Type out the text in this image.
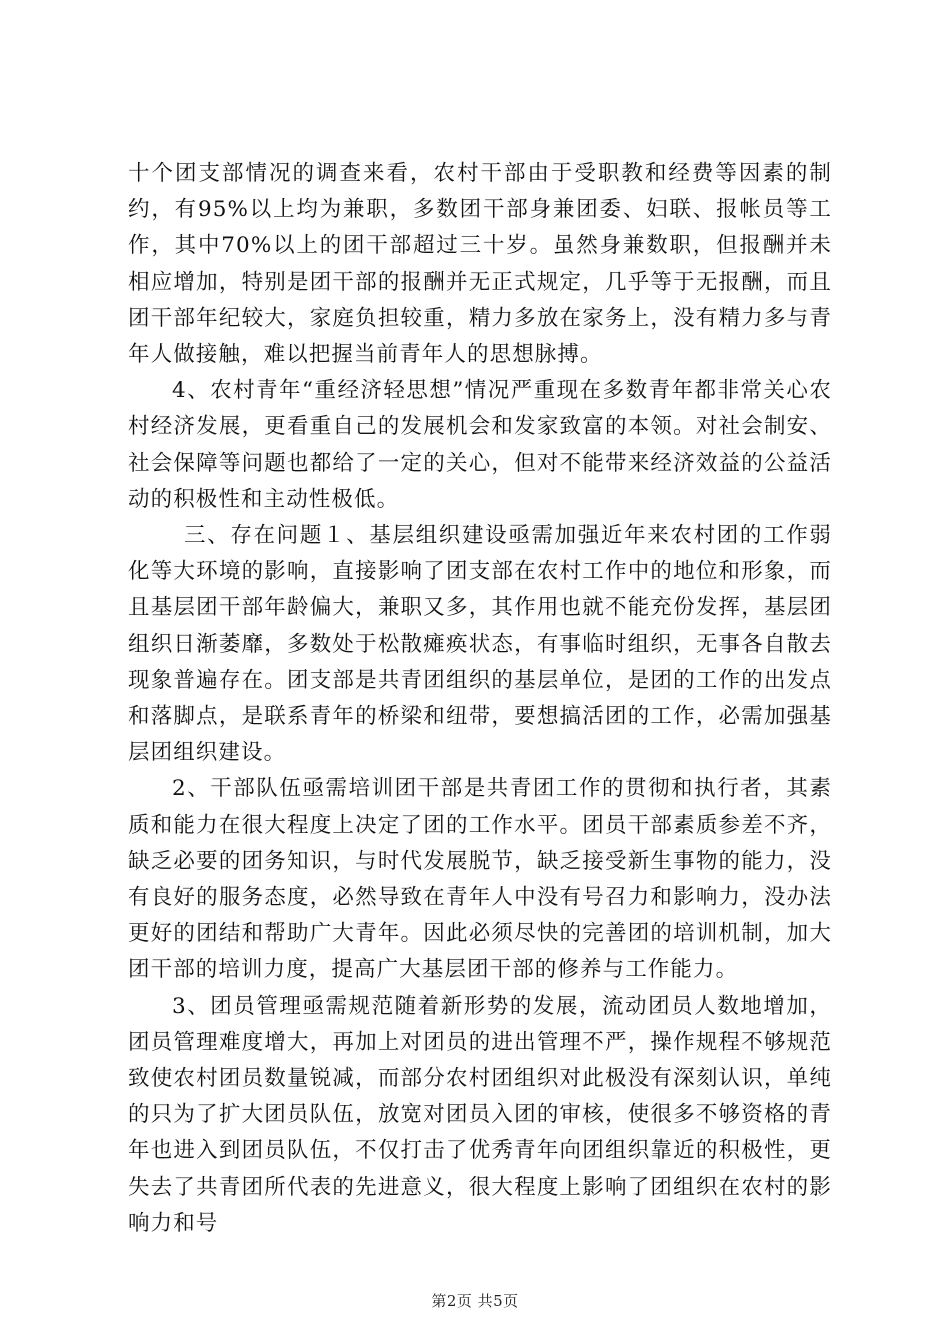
十个团支部情况的调查来看，农村干部由于受职教和经费等因素的制约，有95%以上均为兼职，多数团干部身兼团委、妇联、报帐员等工作，其中70%以上的团干部超过三十岁。虽然身兼数职，但报酬并未相应增加，特别是团干部的报酬并无正式规定，几乎等于无报酬，而且团干部年纪较大，家庭负担较重，精力多放在家务上，没有精力多与青年人做接触，难以把握当前青年人的思想脉搏。

4、农村青年“重经济轻思想”情况严重现在多数青年都非常关心农村经济发展，更看重自己的发展机会和发家致富的本领。对社会制安、社会保障等问题也都给了一定的关心，但对不能带来经济效益的公益活动的积极性和主动性极低。

三、存在问题１、基层组织建设亟需加强近年来农村团的工作弱化等大环境的影响，直接影响了团支部在农村工作中的地位和形象，而且基层团干部年龄偏大，兼职又多，其作用也就不能充份发挥，基层团组织日渐萎靡，多数处于松散瘫痪状态，有事临时组织，无事各自散去现象普遍存在。团支部是共青团组织的基层单位，是团的工作的出发点和落脚点，是联系青年的桥梁和纽带，要想搞活团的工作，必需加强基层团组织建设。

2、干部队伍亟需培训团干部是共青团工作的贯彻和执行者，其素质和能力在很大程度上决定了团的工作水平。团员干部素质参差不齐，缺乏必要的团务知识，与时代发展脱节，缺乏接受新生事物的能力，没有良好的服务态度，必然导致在青年人中没有号召力和影响力，没办法更好的团结和帮助广大青年。因此必须尽快的完善团的培训机制，加大团干部的培训力度，提高广大基层团干部的修养与工作能力。

3、团员管理亟需规范随着新形势的发展，流动团员人数地增加，团员管理难度增大，再加上对团员的进出管理不严，操作规程不够规范致使农村团员数量锐减，而部分农村团组织对此极没有深刻认识，单纯的只为了扩大团员队伍，放宽对团员入团的审核，使很多不够资格的青年也进入到团员队伍，不仅打击了优秀青年向团组织靠近的积极性，更失去了共青团所代表的先进意义，很大程度上影响了团组织在农村的影响力和号

第2页 共5页
